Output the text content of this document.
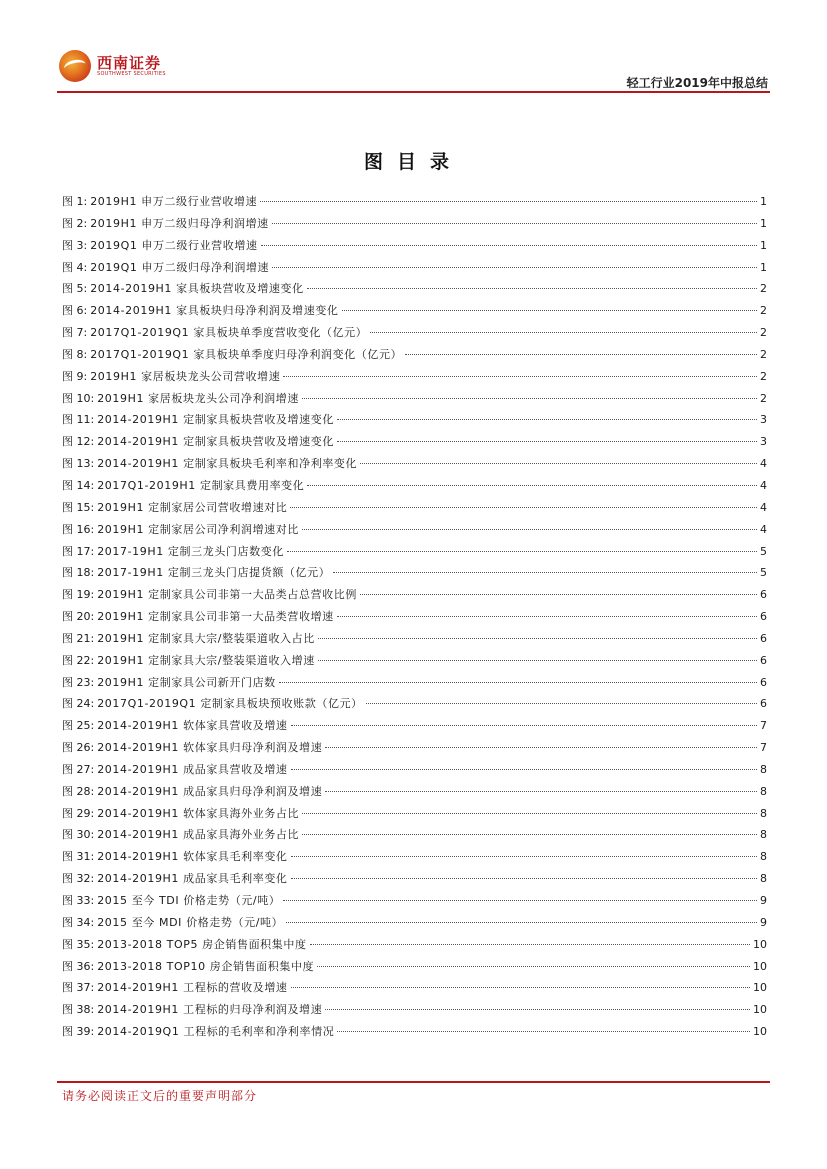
西南证券
SOUTHWEST SECURITIES
轻工行业2019年中报总结
图目录
图 1: 2019H1 申万二级行业营收增速	1
图 2: 2019H1 申万二级归母净利润增速	1
图 3: 2019Q1 申万二级行业营收增速	1
图 4: 2019Q1 申万二级归母净利润增速	1
图 5: 2014-2019H1 家具板块营收及增速变化	2
图 6: 2014-2019H1 家具板块归母净利润及增速变化	2
图 7: 2017Q1-2019Q1 家具板块单季度营收变化（亿元）	2
图 8: 2017Q1-2019Q1 家具板块单季度归母净利润变化（亿元）	2
图 9: 2019H1 家居板块龙头公司营收增速	2
图 10: 2019H1 家居板块龙头公司净利润增速	2
图 11: 2014-2019H1 定制家具板块营收及增速变化	3
图 12: 2014-2019H1 定制家具板块营收及增速变化	3
图 13: 2014-2019H1 定制家具板块毛利率和净利率变化	4
图 14: 2017Q1-2019H1 定制家具费用率变化	4
图 15: 2019H1 定制家居公司营收增速对比	4
图 16: 2019H1 定制家居公司净利润增速对比	4
图 17: 2017-19H1 定制三龙头门店数变化	5
图 18: 2017-19H1 定制三龙头门店提货额（亿元）	5
图 19: 2019H1 定制家具公司非第一大品类占总营收比例	6
图 20: 2019H1 定制家具公司非第一大品类营收增速	6
图 21: 2019H1 定制家具大宗/整装渠道收入占比	6
图 22: 2019H1 定制家具大宗/整装渠道收入增速	6
图 23: 2019H1 定制家具公司新开门店数	6
图 24: 2017Q1-2019Q1 定制家具板块预收账款（亿元）	6
图 25: 2014-2019H1 软体家具营收及增速	7
图 26: 2014-2019H1 软体家具归母净利润及增速	7
图 27: 2014-2019H1 成品家具营收及增速	8
图 28: 2014-2019H1 成品家具归母净利润及增速	8
图 29: 2014-2019H1 软体家具海外业务占比	8
图 30: 2014-2019H1 成品家具海外业务占比	8
图 31: 2014-2019H1 软体家具毛利率变化	8
图 32: 2014-2019H1 成品家具毛利率变化	8
图 33: 2015 至今 TDI 价格走势（元/吨）	9
图 34: 2015 至今 MDI 价格走势（元/吨）	9
图 35: 2013-2018 TOP5 房企销售面积集中度	10
图 36: 2013-2018 TOP10 房企销售面积集中度	10
图 37: 2014-2019H1 工程标的营收及增速	10
图 38: 2014-2019H1 工程标的归母净利润及增速	10
图 39: 2014-2019Q1 工程标的毛利率和净利率情况	10
请务必阅读正文后的重要声明部分
